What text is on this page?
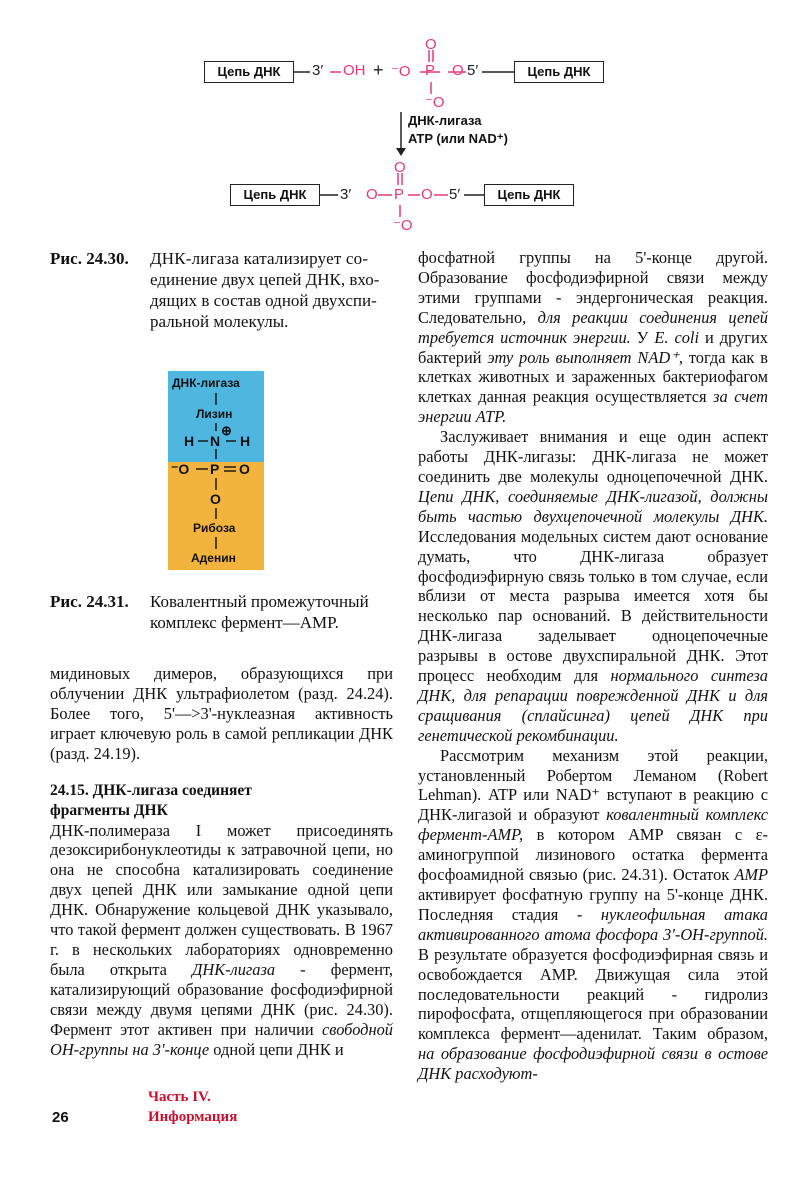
Цепь ДНК	3′ OH + ⁻O
O
P O
⁻O
5′	Цепь ДНК
ДНК-лигаза
ATP (или NAD⁺)
Цепь ДНК	3′ O
O
P O
⁻O
5′	Цепь ДНК
Рис. 24.30. ДНК-лигаза катализирует со-
единение двух цепей ДНК, вхо-
дящих в состав одной двухспи-
ральной молекулы.
ДНК-лигаза
Лизин
H N
⊕
H
⁻O P O
O
Рибоза
Аденин
Рис. 24.31. Ковалентный промежуточный
комплекс фермент—AMP.

мидиновых димеров, образующихся при облучении ДНК ультрафиолетом (разд. 24.24). Более того, 5'—>3'-нуклеазная активность играет ключевую роль в самой репликации ДНК (разд. 24.19).

24.15. ДНК-лигаза соединяет

фрагменты ДНК

ДНК-полимераза I может присоединять дезоксирибонуклеотиды к затравочной цепи, но она не способна катализировать соединение двух цепей ДНК или замыкание одной цепи ДНК. Обнаружение кольцевой ДНК указывало, что такой фермент должен существовать. В 1967 г. в нескольких лабораториях одновременно была открыта ДНК-лигаза - фермент, катализирующий образование фосфодиэфирной связи между двумя цепями ДНК (рис. 24.30). Фермент этот активен при наличии свободной ОН-группы на 3'-конце одной цепи ДНК и

фосфатной группы на 5'-конце другой. Образование фосфодиэфирной связи между этими группами - эндергоническая реакция. Следовательно, для реакции соединения цепей требуется источник энергии. У E. coli и других бактерий эту роль выполняет NAD⁺, тогда как в клетках животных и зараженных бактериофагом клетках данная реакция осуществляется за счет энергии ATP.

Заслуживает внимания и еще один аспект работы ДНК-лигазы: ДНК-лигаза не может соединить две молекулы одноцепочечной ДНК. Цепи ДНК, соединяемые ДНК-лигазой, должны быть частью двухцепочечной молекулы ДНК. Исследования модельных систем дают основание думать, что ДНК-лигаза образует фосфодиэфирную связь только в том случае, если вблизи от места разрыва имеется хотя бы несколько пар оснований. В действительности ДНК-лигаза заделывает одноцепочечные разрывы в остове двухспиральной ДНК. Этот процесс необходим для нормального синтеза ДНК, для репарации поврежденной ДНК и для сращивания (сплайсинга) цепей ДНК при генетической рекомбинации.

Рассмотрим механизм этой реакции, установленный Робертом Леманом (Robert Lehman). ATP или NAD⁺ вступают в реакцию с ДНК-лигазой и образуют ковалентный комплекс фермент-AMP, в котором AMP связан с ε-аминогруппой лизинового остатка фермента фосфоамидной связью (рис. 24.31). Остаток AMP активирует фосфатную группу на 5'-конце ДНК. Последняя стадия - нуклеофильная атака активированного атома фосфора 3'-ОН-группой. В результате образуется фосфодиэфирная связь и освобождается AMP. Движущая сила этой последовательности реакций - гидролиз пирофосфата, отщепляющегося при образовании комплекса фермент—аденилат. Таким образом, на образование фосфодиэфирной связи в остове ДНК расходуют-

Часть IV.
Информация
26
